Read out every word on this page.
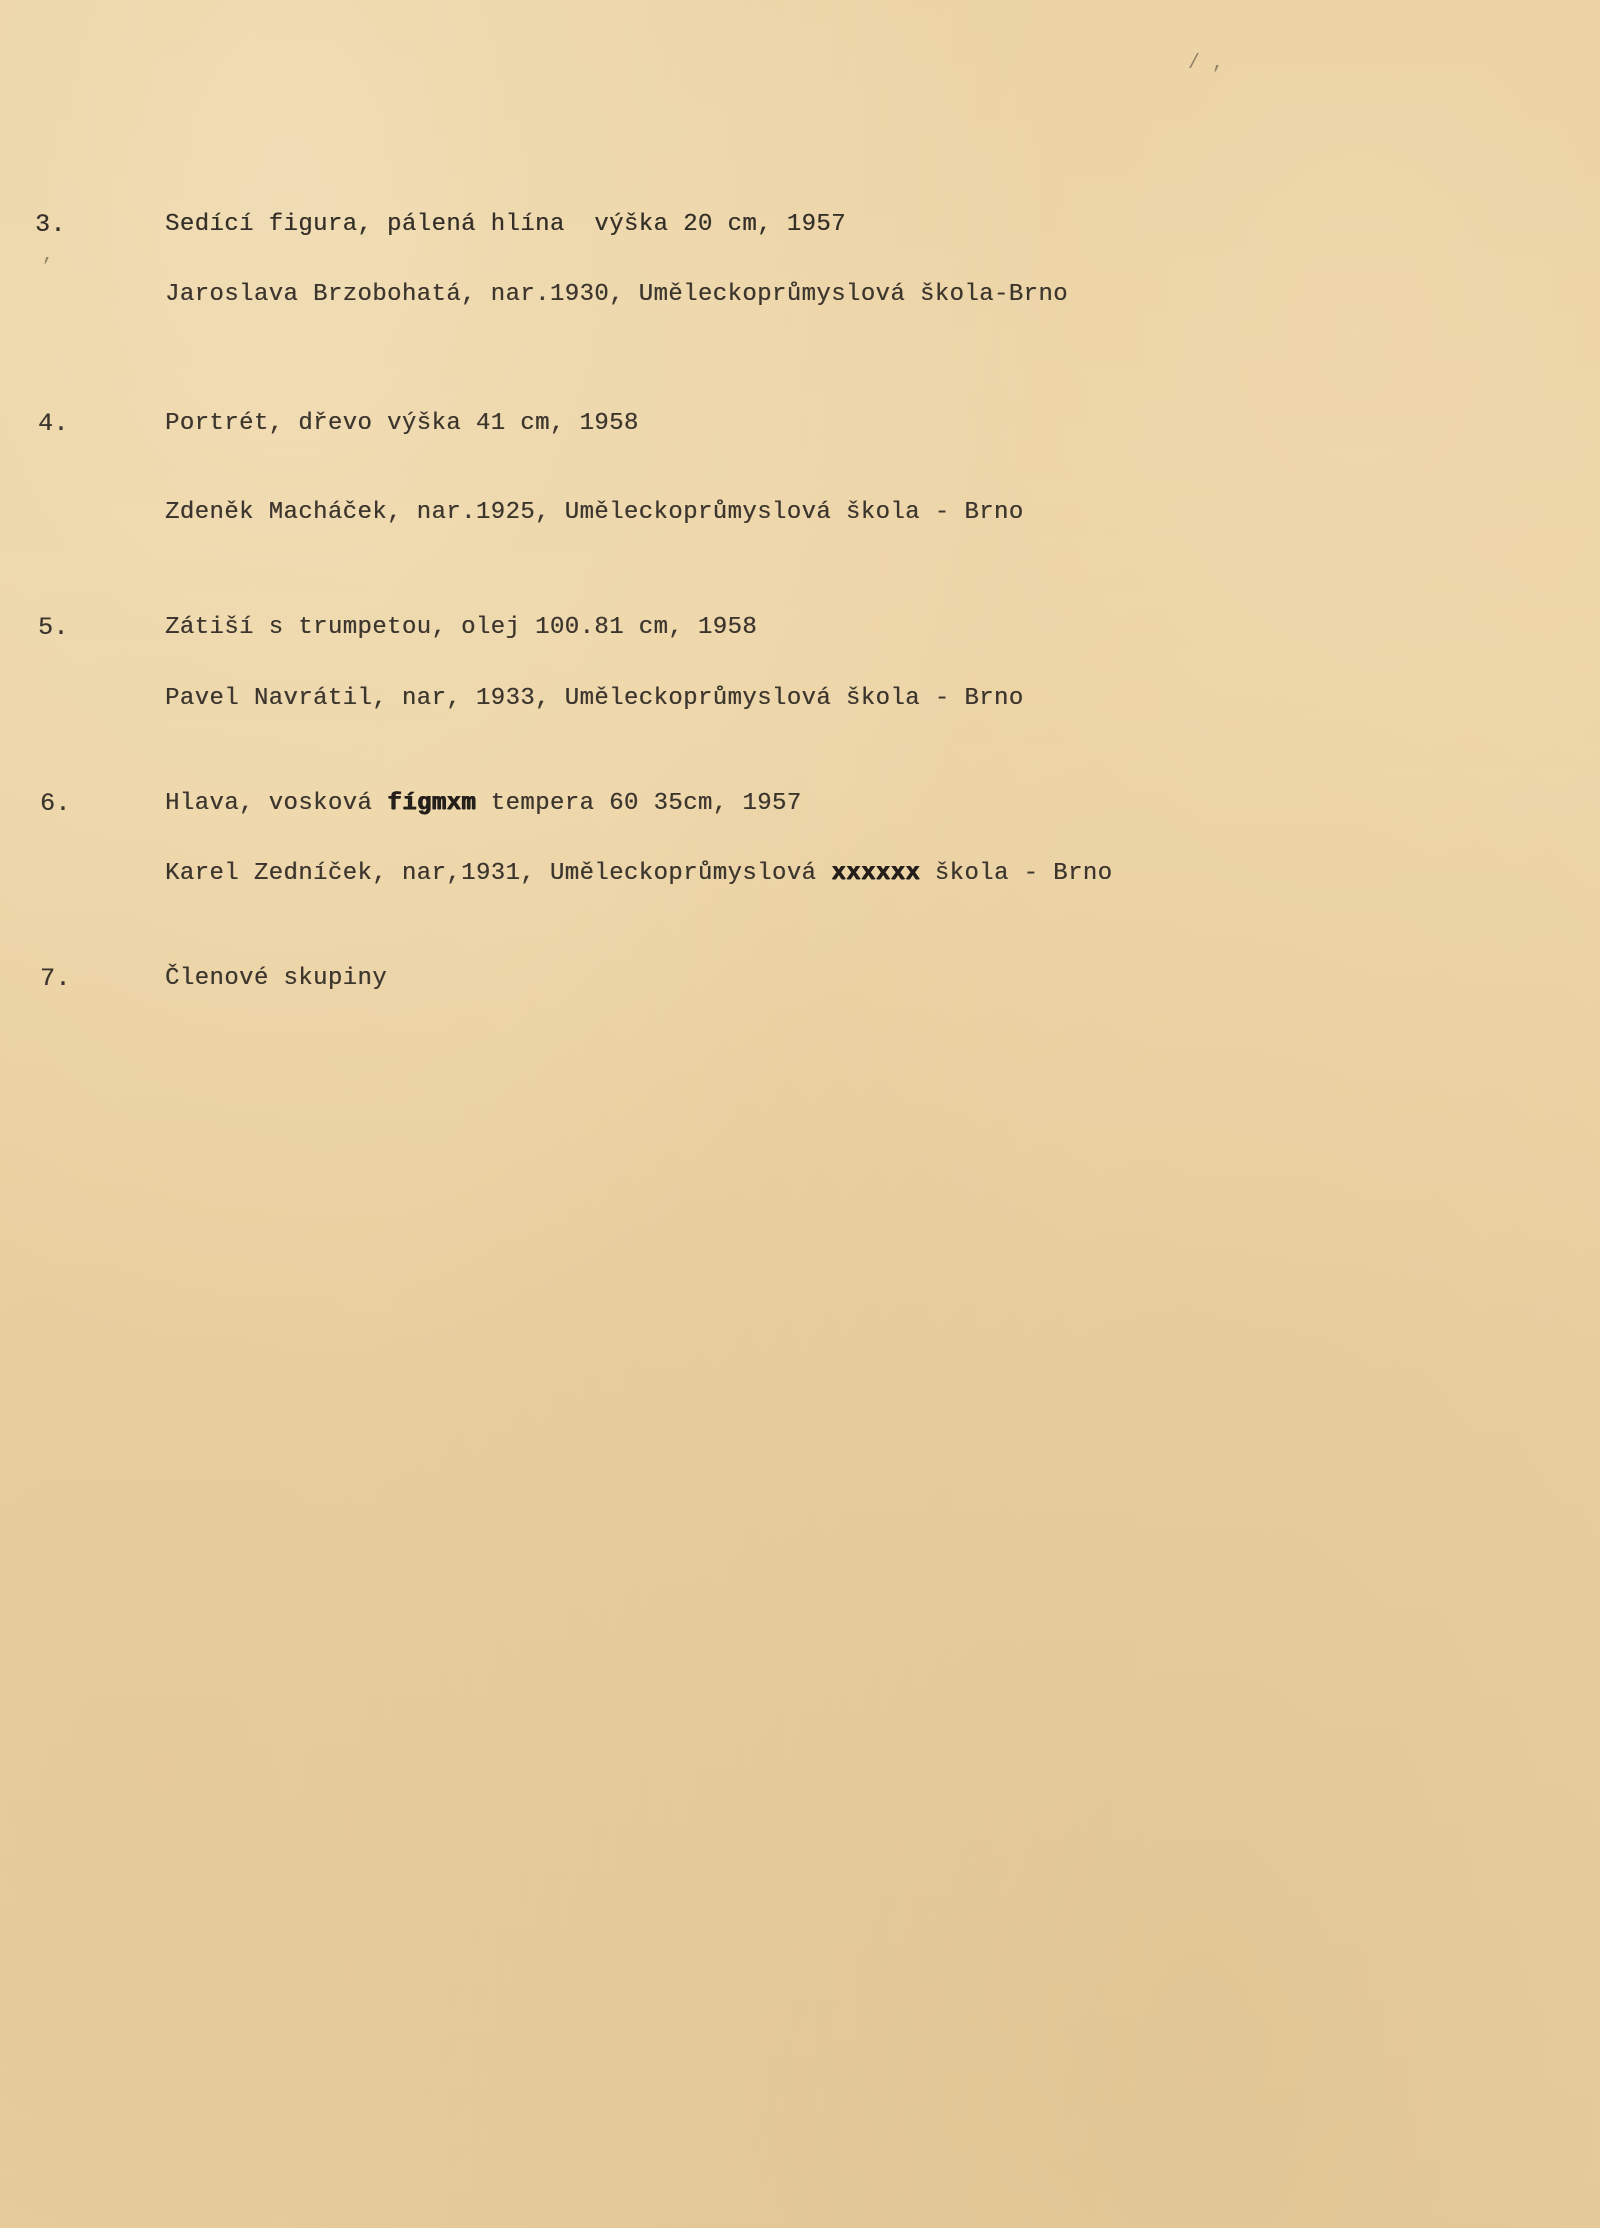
/ ,
,
3.	Sedící figura, pálená hlína  výška 20 cm, 1957
Jaroslava Brzobohatá, nar.1930, Uměleckoprůmyslová škola-Brno
4.	Portrét, dřevo výška 41 cm, 1958
Zdeněk Macháček, nar.1925, Uměleckoprůmyslová škola - Brno
5.	Zátiší s trumpetou, olej 100.81 cm, 1958
Pavel Navrátil, nar, 1933, Uměleckoprůmyslová škola - Brno
6.	Hlava, vosková fígmxm tempera 60 35cm, 1957
Karel Zedníček, nar,1931, Uměleckoprůmyslová xxxxxx škola - Brno
7.	Členové skupiny
